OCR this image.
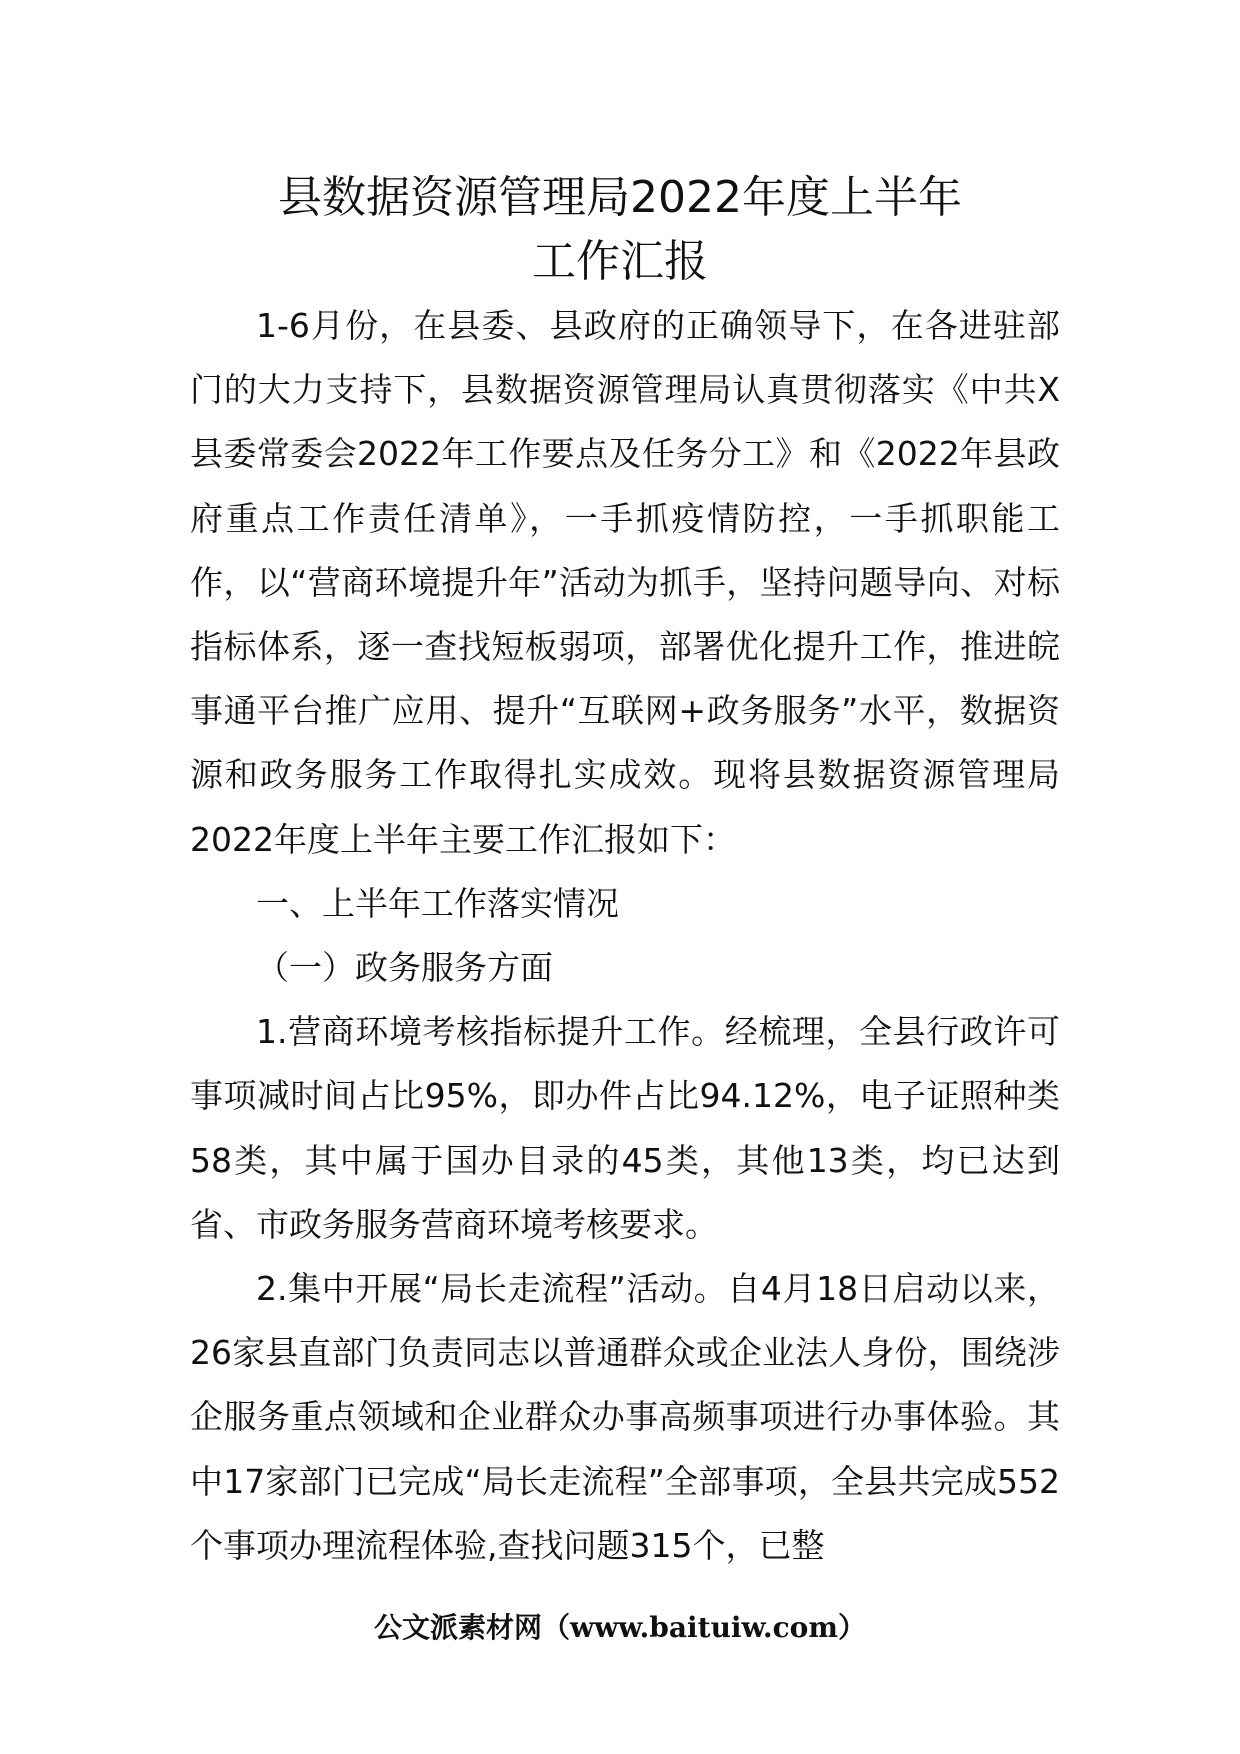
县数据资源管理局2022年度上半年
工作汇报

1-6月份，在县委、县政府的正确领导下，在各进驻部门的大力支持下，县数据资源管理局认真贯彻落实《中共X县委常委会2022年工作要点及任务分工》和《2022年县政府重点工作责任清单》，一手抓疫情防控，一手抓职能工作，以“营商环境提升年”活动为抓手，坚持问题导向、对标指标体系，逐一查找短板弱项，部署优化提升工作，推进皖事通平台推广应用、提升“互联网+政务服务”水平，数据资源和政务服务工作取得扎实成效。现将县数据资源管理局2022年度上半年主要工作汇报如下：

一、上半年工作落实情况

（一）政务服务方面

1.营商环境考核指标提升工作。经梳理，全县行政许可事项减时间占比95%，即办件占比94.12%，电子证照种类58类，其中属于国办目录的45类，其他13类，均已达到省、市政务服务营商环境考核要求。

2.集中开展“局长走流程”活动。自4月18日启动以来，26家县直部门负责同志以普通群众或企业法人身份，围绕涉企服务重点领域和企业群众办事高频事项进行办事体验。其中17家部门已完成“局长走流程”全部事项，全县共完成552个事项办理流程体验,查找问题315个，已整

公文派素材网（www.baituiw.com）
